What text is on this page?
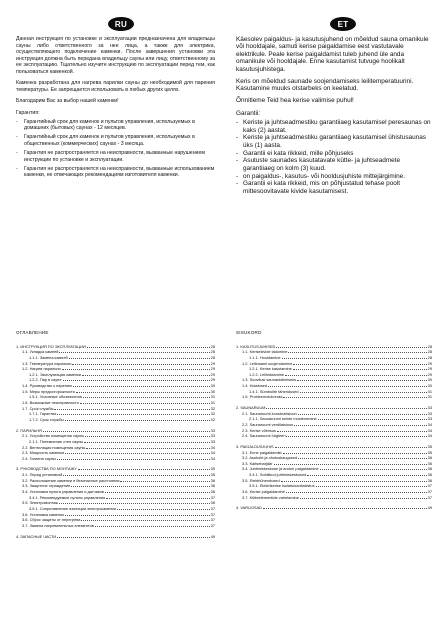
RU	ET

Данная инструкция по установке и эксплуатации предназначена для владельцы сауны либо ответственного за нее лица, а также для электрика, осуществляющего подключение каменки. После завершения установки эта инструкция должна быть передана владельцу сауны или лицу, ответственному за ее эксплуатацию. Тщательно изучите инструкцию по эксплуатации перед тем, как пользоваться каменкой.

Каменка разработана для нагрева парилки сауны до необходимой для парения температуры. Ее запрещается использовать в любых других целях.

Благодарим Вас за выбор нашей каменки!

Гарантия:
- Гарантийный срок для каменок и пультов управления, используемых в домашних (бытовых) саунах - 12 месяцев.
- Гарантийный срок для каменок и пультов управления, используемых в общественных (коммерческих) саунах - 3 месяца.
- Гарантия не распространяется на неисправности, вызванные нарушением инструкции по установке и эксплуатации.
- Гарантия не распространяется на неисправности, вызванные использованием каменки, не отвечающих рекомендациям изготовителя каменки.

Käesolev paigaldus- ja kasutusjuhend on mõeldud sauna omanikule või hooldajale, samuti kerise paigaldamise eest vastutavale elektrikule. Peale kerise paigaldamist tuleb juhend üle anda omanikule või hooldajale. Enne kasutamist tutvuge hoolikalt kasutusjuhistega.

Keris on mõeldud saunade soojendamiseks leilitemperatuurini. Kasutamine muuks otstarbeks on keelatud.

Õnnitleme Teid hea kerise valimise puhul!

Garantii:
- Keriste ja juhtseadmestiku garantiiaeg kasutamisel peresaunas on kaks (2) aastat.
- Keriste ja juhtseadmestiku garantiiaeg kasutamisel ühistusaunas üks (1) aasta.
- Garantii ei kata rikkeid, mille põhjuseks
- Asutuste saunades kasutatavate kütte- ja juhtseadmete garantiiaeg on kolm (3) kuud.
- on paigaldus-, kasutus- või hooldusjuhiste mittejärgimine.
- Garantii ei kata rikkeid, mis on põhjustatud tehase poolt mittesoovitavate kivide kasutamisest.
ОГЛАВЛЕНИЕ
1. ИНСТРУКЦИЯ ПО ЭКСПЛУАТАЦИИ	28
1.1. Укладка камней	28
1.1.1. Замена камней	28
1.3. Температура парильни	29
1.2. Нагрев парильни	29
1.2.1. Эксплуатация каменки	29
1.2.2. Пар в сауне	29
1.4. Руководство к парению	30
1.5. Меры предосторожности	30
1.5.1. Условные обозначения	31
1.6. Возможные неисправности	31
1.7. Срок службы	32
1.7.1. Гарантия	32
1.7.2. Срок службы	32
2. ПАРИЛЬНЯ	33
2.1. Устройство помещения сауны	33
2.1.1. Потемнение стен сауны	33
2.2. Вентиляция помещения сауны	34
2.3. Мощность каменки	34
2.4. Гигиена сауны	34
3. РУКОВОДСТВА ПО МОНТАЖУ	35
3.1. Перед установкой	35
3.2. Расположение каменки и безопасные расстояния	36
3.3. Защитное ограждение	36
3.4. Установка пульта управления и датчиков	36
3.4.1. Рекомендуемые пульты управления	37
3.5. Электромонтаж	36
3.5.1. Сопротивление изоляции электрокаменки	37
3.6. Установка каменки	37
3.6. Сброс защиты от перегрева	37
3.7. Замена нагревательных элементов	37
4. ЗАПАСНЫЕ ЧАСТИ	49
SISUKORD
1. KASUTUSJUHISED	28
1.1. Kerisekivide ladumine	28
1.1.1. Hooldamine	28
1.2. Leilinaami soojendamine	29
1.2.1. Kerise kasutamine	29
1.2.2. Leiliviskamine	29
1.3. Soovitusi saunaskäimiseks	30
1.4. Hoiatused	30
1.4.1. Sümbolite tähendused	31
1.5. Probleemolukorrad	31
2. SAUNARUUM	33
2.1. Saunaruumi konstruktsioon	33
2.1.1. Saunaruumi seinte mustenemine	33
2.2. Saunaruumi ventilatsioon	34
2.3. Kerise võimsus	34
2.4. Saunaruumi hügieen	34
3. PAIGALDUSJUHIS	35
3.1. Enne paigaldamist	35
3.2. Asukoht ja ohutuskaugused	36
3.3. Kaitsebarjäär	36
3.4. Juhtimiskeskuse ja andurí paigaldamine	36
3.4.1. Sobilikud juhtimiskeskused	36
3.5. Elektriühendused	36
3.5.1. Elektrikerise isolatsioonitakistus	37
3.6. Kerise paigaldamine	37
3.7. Kütteelementide vahetamine	37
4. VARUOSAD	49
